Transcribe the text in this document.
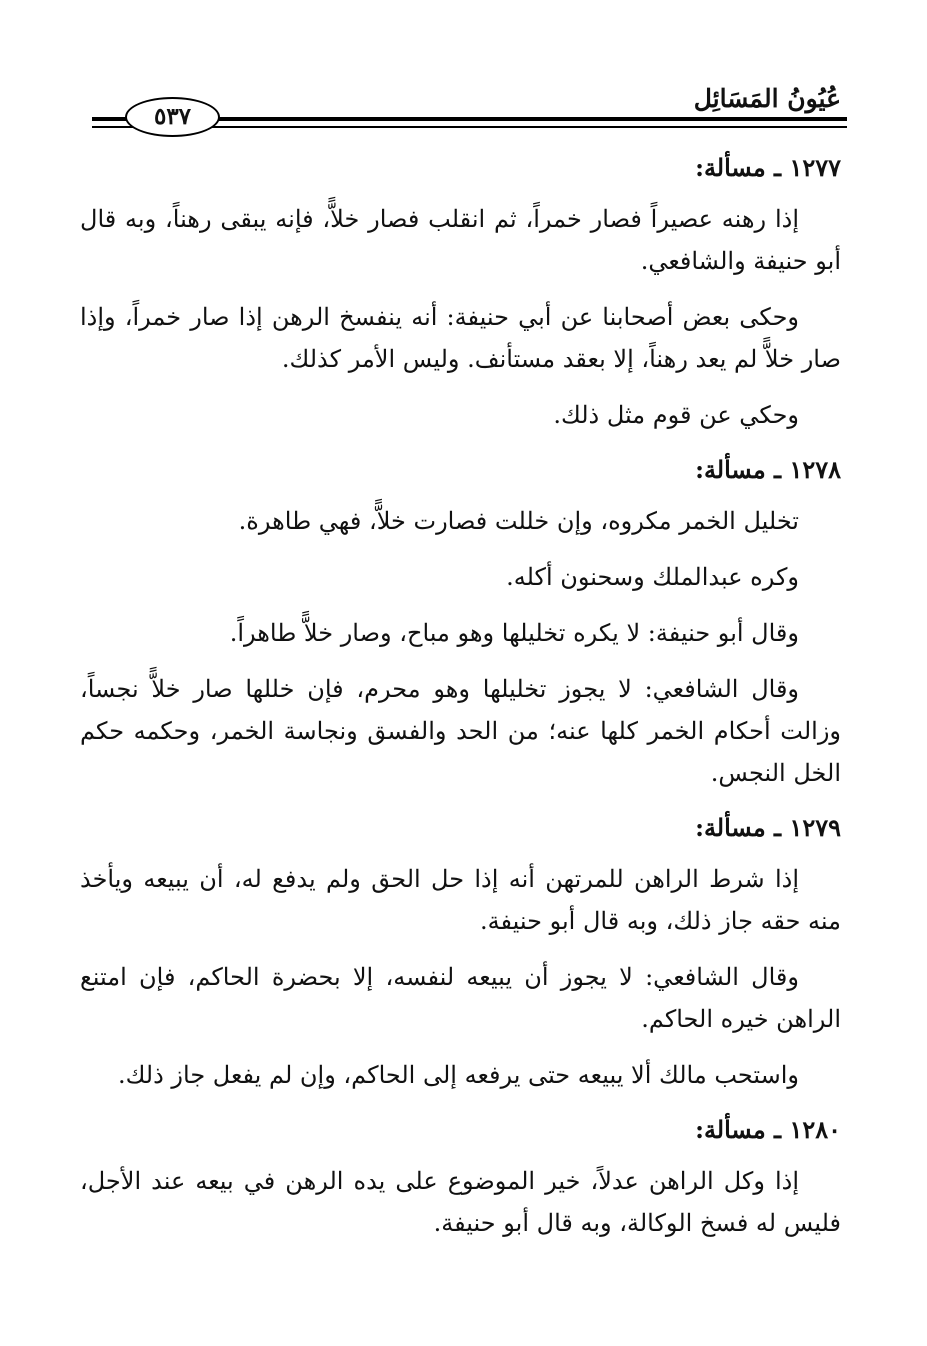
عُيُونُ المَسَائِل
٥٣٧
١٢٧٧ ـ مسألة:

إذا رهنه عصيراً فصار خمراً، ثم انقلب فصار خلاًّ، فإنه يبقى رهناً، وبه قال أبو حنيفة والشافعي.

وحكى بعض أصحابنا عن أبي حنيفة: أنه ينفسخ الرهن إذا صار خمراً، وإذا صار خلاًّ لم يعد رهناً، إلا بعقد مستأنف. وليس الأمر كذلك.

وحكي عن قوم مثل ذلك.

١٢٧٨ ـ مسألة:

تخليل الخمر مكروه، وإن خللت فصارت خلاًّ، فهي طاهرة.

وكره عبدالملك وسحنون أكله.

وقال أبو حنيفة: لا يكره تخليلها وهو مباح، وصار خلاًّ طاهراً.

وقال الشافعي: لا يجوز تخليلها وهو محرم، فإن خللها صار خلاًّ نجساً، وزالت أحكام الخمر كلها عنه؛ من الحد والفسق ونجاسة الخمر، وحكمه حكم الخل النجس.

١٢٧٩ ـ مسألة:

إذا شرط الراهن للمرتهن أنه إذا حل الحق ولم يدفع له، أن يبيعه ويأخذ منه حقه جاز ذلك، وبه قال أبو حنيفة.

وقال الشافعي: لا يجوز أن يبيعه لنفسه، إلا بحضرة الحاكم، فإن امتنع الراهن خيره الحاكم.

واستحب مالك ألا يبيعه حتى يرفعه إلى الحاكم، وإن لم يفعل جاز ذلك.

١٢٨٠ ـ مسألة:

إذا وكل الراهن عدلاً، خير الموضوع على يده الرهن في بيعه عند الأجل، فليس له فسخ الوكالة، وبه قال أبو حنيفة.
